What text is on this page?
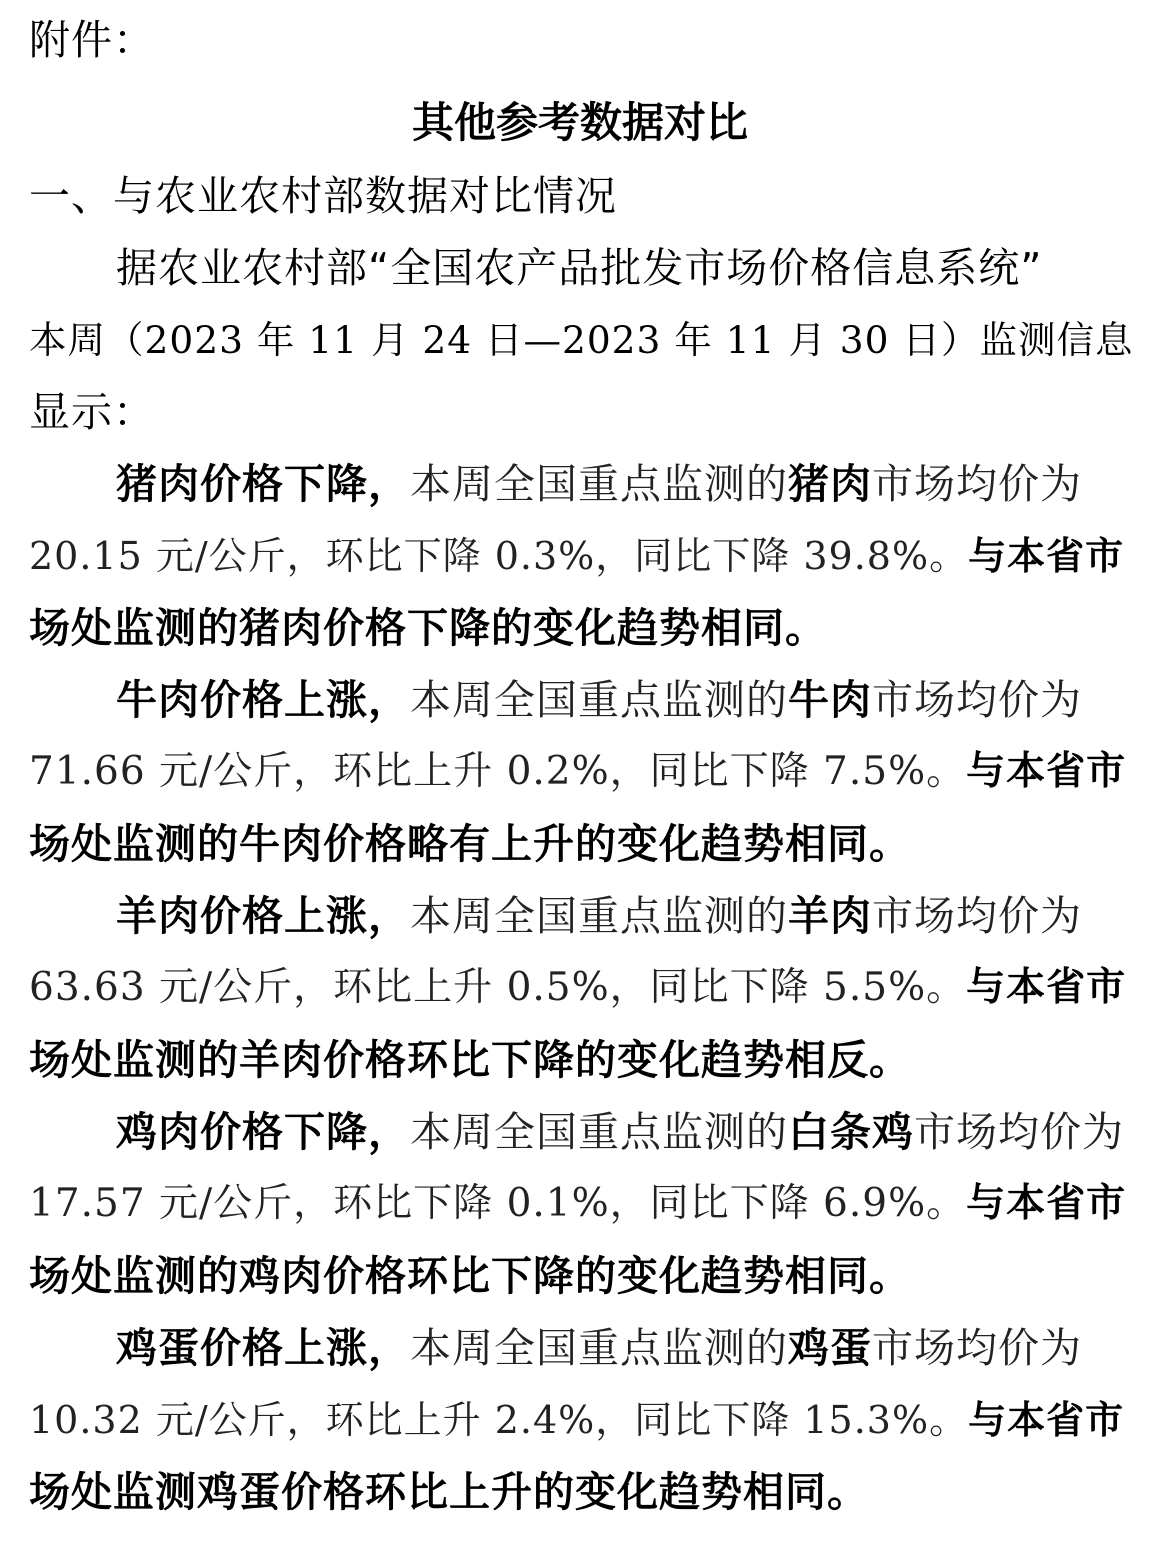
附件：
其他参考数据对比
一、与农业农村部数据对比情况
据农业农村部“全国农产品批发市场价格信息系统”
本周（2023 年 11 月 24 日—2023 年 11 月 30 日）监测信息
显示：
猪肉价格下降，本周全国重点监测的猪肉市场均价为
20.15 元/公斤，环比下降 0.3%，同比下降 39.8%。与本省市
场处监测的猪肉价格下降的变化趋势相同。
牛肉价格上涨，本周全国重点监测的牛肉市场均价为
71.66 元/公斤，环比上升 0.2%，同比下降 7.5%。与本省市
场处监测的牛肉价格略有上升的变化趋势相同。
羊肉价格上涨，本周全国重点监测的羊肉市场均价为
63.63 元/公斤，环比上升 0.5%，同比下降 5.5%。与本省市
场处监测的羊肉价格环比下降的变化趋势相反。
鸡肉价格下降，本周全国重点监测的白条鸡市场均价为
17.57 元/公斤，环比下降 0.1%，同比下降 6.9%。与本省市
场处监测的鸡肉价格环比下降的变化趋势相同。
鸡蛋价格上涨，本周全国重点监测的鸡蛋市场均价为
10.32 元/公斤，环比上升 2.4%，同比下降 15.3%。与本省市
场处监测鸡蛋价格环比上升的变化趋势相同。
